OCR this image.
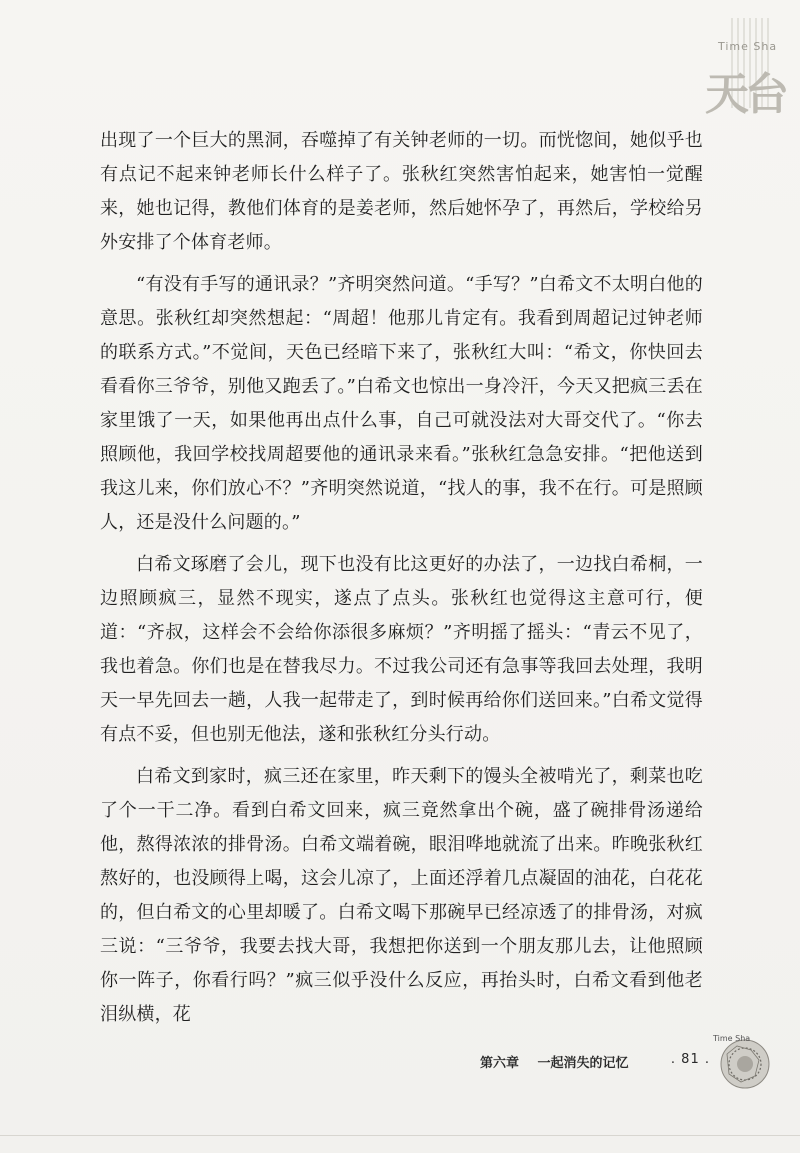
Time Sha
天台

出现了一个巨大的黑洞，吞噬掉了有关钟老师的一切。而恍惚间，她似乎也有点记不起来钟老师长什么样子了。张秋红突然害怕起来，她害怕一觉醒来，她也记得，教他们体育的是姜老师，然后她怀孕了，再然后，学校给另外安排了个体育老师。

“有没有手写的通讯录？”齐明突然问道。“手写？”白希文不太明白他的意思。张秋红却突然想起：“周超！他那儿肯定有。我看到周超记过钟老师的联系方式。”不觉间，天色已经暗下来了，张秋红大叫：“希文，你快回去看看你三爷爷，别他又跑丢了。”白希文也惊出一身冷汗，今天又把疯三丢在家里饿了一天，如果他再出点什么事，自己可就没法对大哥交代了。“你去照顾他，我回学校找周超要他的通讯录来看。”张秋红急急安排。“把他送到我这儿来，你们放心不？”齐明突然说道，“找人的事，我不在行。可是照顾人，还是没什么问题的。”

白希文琢磨了会儿，现下也没有比这更好的办法了，一边找白希桐，一边照顾疯三，显然不现实，遂点了点头。张秋红也觉得这主意可行，便道：“齐叔，这样会不会给你添很多麻烦？”齐明摇了摇头：“青云不见了，我也着急。你们也是在替我尽力。不过我公司还有急事等我回去处理，我明天一早先回去一趟，人我一起带走了，到时候再给你们送回来。”白希文觉得有点不妥，但也别无他法，遂和张秋红分头行动。

白希文到家时，疯三还在家里，昨天剩下的馒头全被啃光了，剩菜也吃了个一干二净。看到白希文回来，疯三竟然拿出个碗，盛了碗排骨汤递给他，熬得浓浓的排骨汤。白希文端着碗，眼泪哗地就流了出来。昨晚张秋红熬好的，也没顾得上喝，这会儿凉了，上面还浮着几点凝固的油花，白花花的，但白希文的心里却暖了。白希文喝下那碗早已经凉透了的排骨汤，对疯三说：“三爷爷，我要去找大哥，我想把你送到一个朋友那儿去，让他照顾你一阵子，你看行吗？”疯三似乎没什么反应，再抬头时，白希文看到他老泪纵横，花

第六章 一起消失的记忆	. 81 .
Time Sha
